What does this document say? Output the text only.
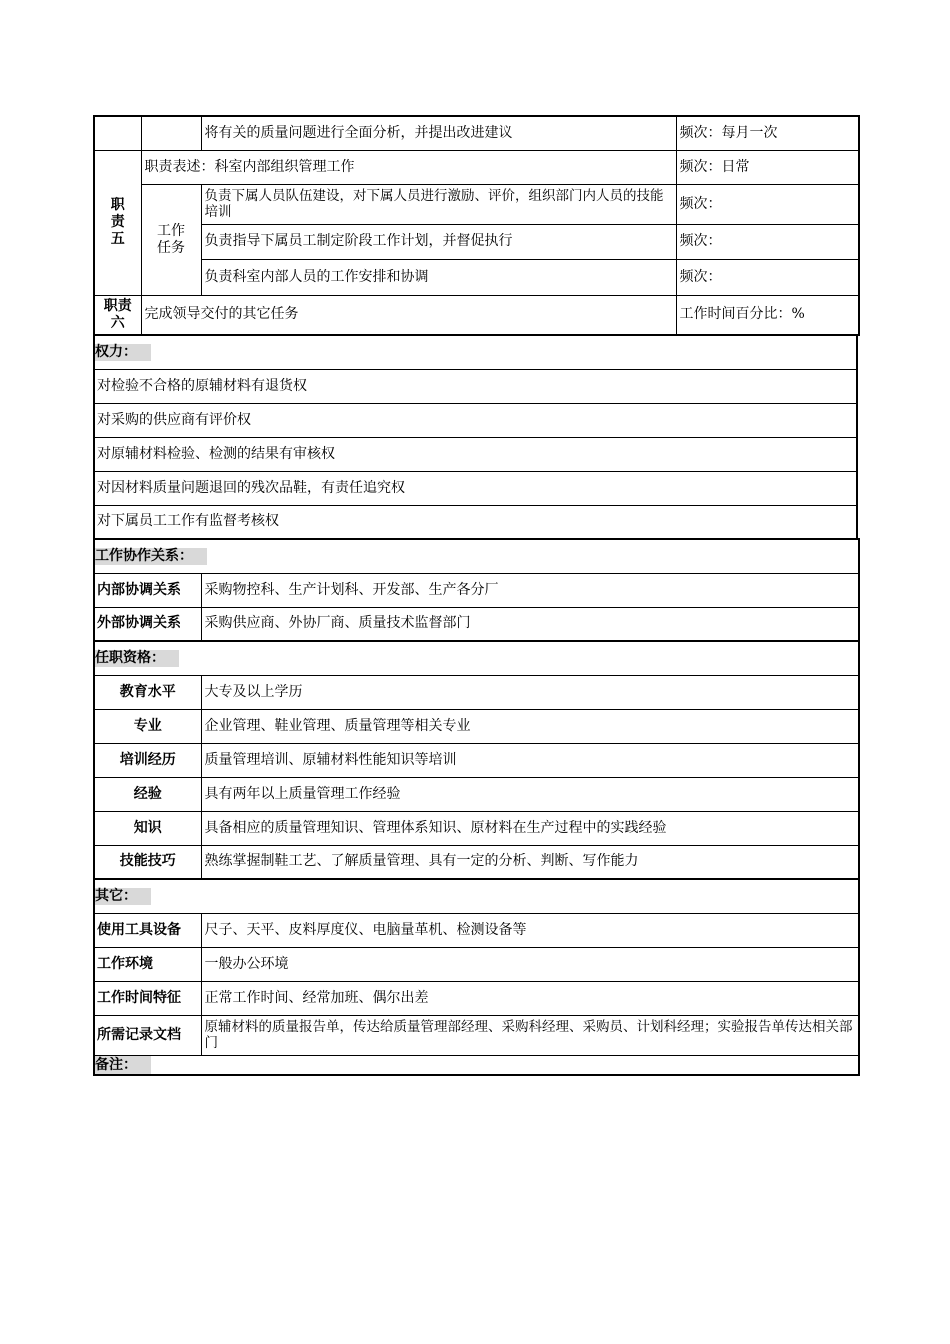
		将有关的质量问题进行全面分析，并提出改进建议	频次：每月一次
职责五	职责表述：科室内部组织管理工作		频次：日常
	工作任务	负责下属人员队伍建设，对下属人员进行激励、评价，组织部门内人员的技能培训	频次：
		负责指导下属员工制定阶段工作计划，并督促执行	频次：
		负责科室内部人员的工作安排和协调	频次：
职责六	完成领导交付的其它任务		工作时间百分比：%
权力：
对检验不合格的原辅材料有退货权
对采购的供应商有评价权
对原辅材料检验、检测的结果有审核权
对因材料质量问题退回的残次品鞋，有责任追究权
对下属员工工作有监督考核权
工作协作关系：	
内部协调关系	采购物控科、生产计划科、开发部、生产各分厂
外部协调关系	采购供应商、外协厂商、质量技术监督部门
任职资格：	
教育水平	大专及以上学历
专业	企业管理、鞋业管理、质量管理等相关专业
培训经历	质量管理培训、原辅材料性能知识等培训
经验	具有两年以上质量管理工作经验
知识	具备相应的质量管理知识、管理体系知识、原材料在生产过程中的实践经验
技能技巧	熟练掌握制鞋工艺、了解质量管理、具有一定的分析、判断、写作能力
其它：	
使用工具设备	尺子、天平、皮料厚度仪、电脑量革机、检测设备等
工作环境	一般办公环境
工作时间特征	正常工作时间、经常加班、偶尔出差
所需记录文档	原辅材料的质量报告单，传达给质量管理部经理、采购科经理、采购员、计划科经理；实验报告单传达相关部门
备注：	
